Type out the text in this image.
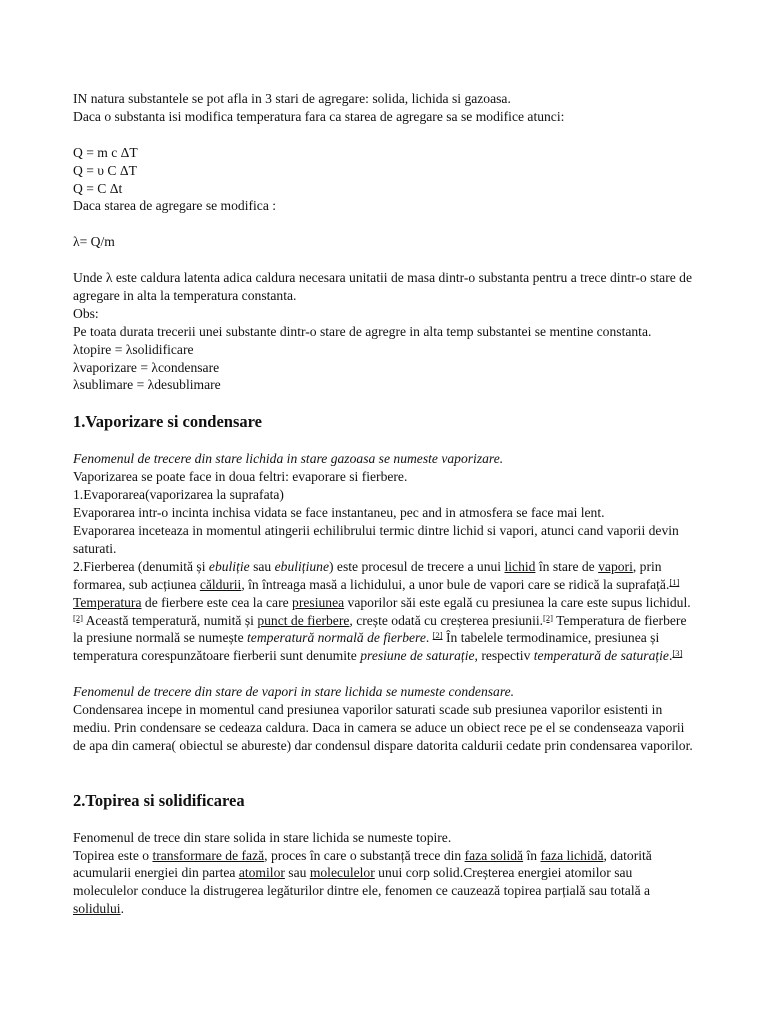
IN natura substantele se pot afla in 3 stari de agregare: solida, lichida si gazoasa.

Daca o substanta isi modifica temperatura fara ca starea de agregare sa se modifice atunci:

Q = m c ΔT

Q = υ C ΔT

Q = C Δt

Daca starea de agregare se modifica :

λ= Q/m

Unde λ este caldura latenta adica caldura necesara unitatii de masa dintr-o substanta pentru a trece dintr-o stare de agregare in alta la temperatura constanta.

Obs:

Pe toata durata trecerii unei substante dintr-o stare de agregre in alta temp substantei se mentine constanta.

λtopire = λsolidificare

λvaporizare = λcondensare

λsublimare = λdesublimare

1.Vaporizare si condensare

Fenomenul de trecere din stare lichida in stare gazoasa se numeste vaporizare.

Vaporizarea se poate face in doua feltri: evaporare si fierbere.

1.Evaporarea(vaporizarea la suprafata)

Evaporarea intr-o incinta inchisa vidata se face instantaneu, pec and in atmosfera se face mai lent.

Evaporarea inceteaza in momentul atingerii echilibrului termic dintre lichid si vapori, atunci cand vaporii devin saturati.

2.Fierberea (denumită și ebuliție sau ebulițiune) este procesul de trecere a unui lichid în stare de vapori, prin formarea, sub acțiunea căldurii, în întreaga masă a lichidului, a unor bule de vapori care se ridică la suprafață.[1] Temperatura de fierbere este cea la care presiunea vaporilor săi este egală cu presiunea la care este supus lichidul.[2] Această temperatură, numită și punct de fierbere, crește odată cu creșterea presiunii.[2] Temperatura de fierbere la presiune normală se numește temperatură normală de fierbere. [2] În tabelele termodinamice, presiunea și temperatura corespunzătoare fierberii sunt denumite presiune de saturație, respectiv temperatură de saturație.[3]

Fenomenul de trecere din stare de vapori in stare lichida se numeste condensare.

Condensarea incepe in momentul cand presiunea vaporilor saturati scade sub presiunea vaporilor esistenti in mediu. Prin condensare se cedeaza caldura. Daca in camera se aduce un obiect rece pe el se condenseaza vaporii de apa din camera( obiectul se abureste) dar condensul dispare datorita caldurii cedate prin condensarea vaporilor.

2.Topirea si solidificarea

Fenomenul de trece din stare solida in stare lichida se numeste topire.

Topirea este o transformare de fază, proces în care o substanță trece din faza solidă în faza lichidă, datorită acumularii energiei din partea atomilor sau moleculelor unui corp solid.Creșterea energiei atomilor sau moleculelor conduce la distrugerea legăturilor dintre ele, fenomen ce cauzează topirea parțială sau totală a solidului.
